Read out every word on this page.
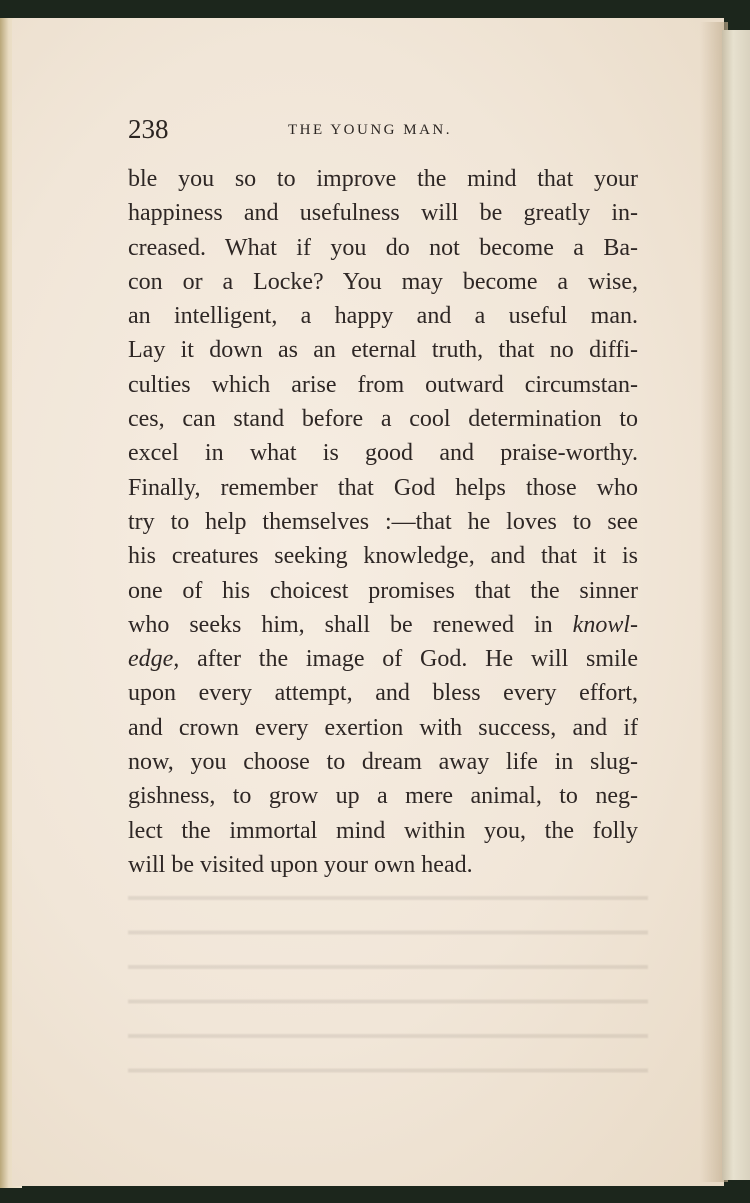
238	THE YOUNG MAN.
ble you so to improve the mind that your
happiness and usefulness will be greatly in-
creased. What if you do not become a Ba-
con or a Locke? You may become a wise,
an intelligent, a happy and a useful man.
Lay it down as an eternal truth, that no diffi-
culties which arise from outward circumstan-
ces, can stand before a cool determination to
excel in what is good and praise-worthy.
Finally, remember that God helps those who
try to help themselves :—that he loves to see
his creatures seeking knowledge, and that it is
one of his choicest promises that the sinner
who seeks him, shall be renewed in knowl-
edge, after the image of God. He will smile
upon every attempt, and bless every effort,
and crown every exertion with success, and if
now, you choose to dream away life in slug-
gishness, to grow up a mere animal, to neg-
lect the immortal mind within you, the folly
will be visited upon your own head.
